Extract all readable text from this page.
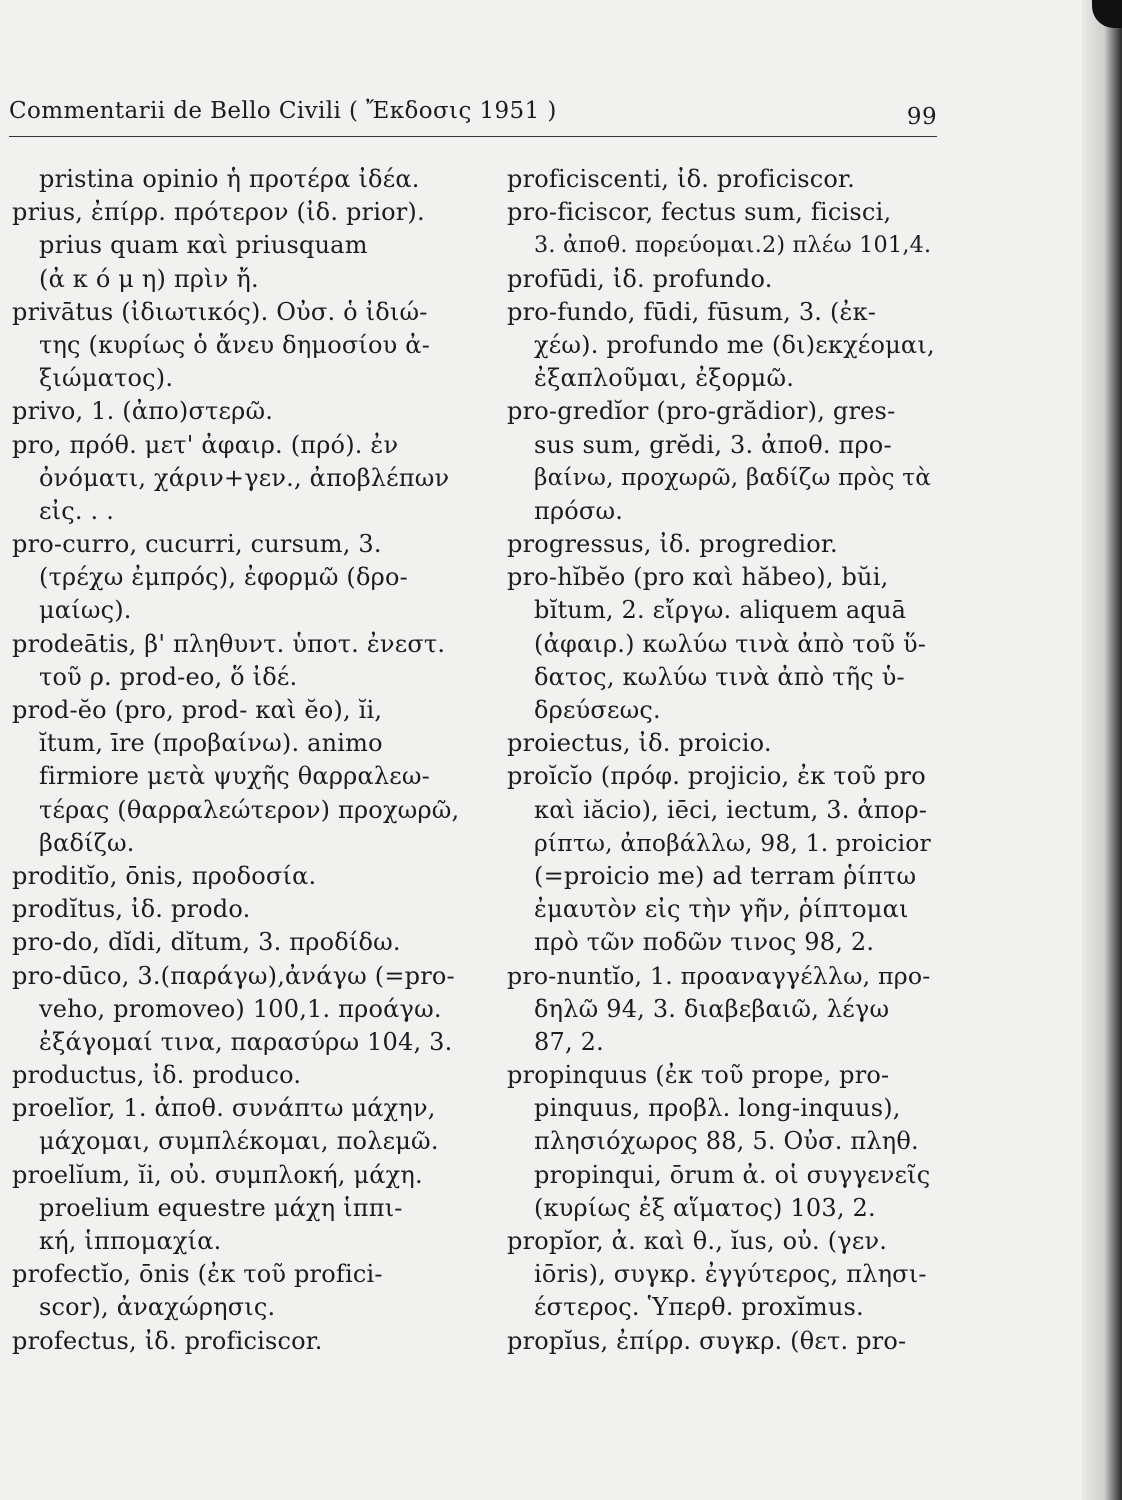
Commentarii de Bello Civili ( Ἔκδοσις 1951 )	99
pristina opinio ἡ προτέρα ἰδέα.
prius, ἐπίρρ. πρότερον (ἰδ. prior).
prius quam καὶ priusquam
(ἀ κ ό μ η) πρὶν ἤ.
privātus (ἰδιωτικός). Οὐσ. ὁ ἰδιώ-
της (κυρίως ὁ ἄνευ δημοσίου ἀ-
ξιώματος).
privo, 1. (ἀπο)στερῶ.
pro, πρόθ. μετ' ἀφαιρ. (πρό). ἐν
ὀνόματι, χάριν+γεν., ἀποβλέπων
εἰς. . .
pro-curro, cucurri, cursum, 3.
(τρέχω ἐμπρός), ἐφορμῶ (δρο-
μαίως).
prodeātis, β' πληθυντ. ὑποτ. ἐνεστ.
τοῦ ρ. prod-eo, ὅ ἰδέ.
prod-ĕo (pro, prod- καὶ ĕo), ĭi,
ĭtum, īre (προβαίνω). animo
firmiore μετὰ ψυχῆς θαρραλεω-
τέρας (θαρραλεώτερον) προχωρῶ,
βαδίζω.
proditĭo, ōnis, προδοσία.
prodĭtus, ἰδ. prodo.
pro-do, dĭdi, dĭtum, 3. προδίδω.
pro-dūco, 3.(παράγω),ἀνάγω (=pro-
veho, promoveo) 100,1. προάγω.
ἐξάγομαί τινα, παρασύρω 104, 3.
productus, ἰδ. produco.
proelĭor, 1. ἀποθ. συνάπτω μάχην,
μάχομαι, συμπλέκομαι, πολεμῶ.
proelĭum, ĭi, οὐ. συμπλοκή, μάχη.
proelium equestre μάχη ἱππι-
κή, ἱππομαχία.
profectĭo, ōnis (ἐκ τοῦ profici-
scor), ἀναχώρησις.
profectus, ἰδ. proficiscor.
proficiscenti, ἰδ. proficiscor.
pro-ficiscor, fectus sum, ficisci,
3. ἀποθ. πορεύομαι.2) πλέω 101,4.
profūdi, ἰδ. profundo.
pro-fundo, fūdi, fūsum, 3. (ἐκ-
χέω). profundo me (δι)εκχέομαι,
ἐξαπλοῦμαι, ἐξορμῶ.
pro-gredĭor (pro-grădior), gres-
sus sum, grĕdi, 3. ἀποθ. προ-
βαίνω, προχωρῶ, βαδίζω πρὸς τὰ
πρόσω.
progressus, ἰδ. progredior.
pro-hĭbĕo (pro καὶ hăbeo), bŭi,
bĭtum, 2. εἴργω. aliquem aquā
(ἀφαιρ.) κωλύω τινὰ ἀπὸ τοῦ ὕ-
δατος, κωλύω τινὰ ἀπὸ τῆς ὑ-
δρεύσεως.
proiectus, ἰδ. proicio.
proĭcĭo (πρόφ. projicio, ἐκ τοῦ pro
καὶ iăcio), iēci, iectum, 3. ἀπορ-
ρίπτω, ἀποβάλλω, 98, 1. proicior
(=proicio me) ad terram ῥίπτω
ἐμαυτὸν εἰς τὴν γῆν, ῥίπτομαι
πρὸ τῶν ποδῶν τινος 98, 2.
pro-nuntĭo, 1. προαναγγέλλω, προ-
δηλῶ 94, 3. διαβεβαιῶ, λέγω
87, 2.
propinquus (ἐκ τοῦ prope, pro-
pinquus, προβλ. long-inquus),
πλησιόχωρος 88, 5. Οὐσ. πληθ.
propinqui, ōrum ἀ. οἱ συγγενεῖς
(κυρίως ἐξ αἵματος) 103, 2.
propĭor, ἀ. καὶ θ., ĭus, οὐ. (γεν.
iōris), συγκρ. ἐγγύτερος, πλησι-
έστερος. Ὑπερθ. proxĭmus.
propĭus, ἐπίρρ. συγκρ. (θετ. pro-
